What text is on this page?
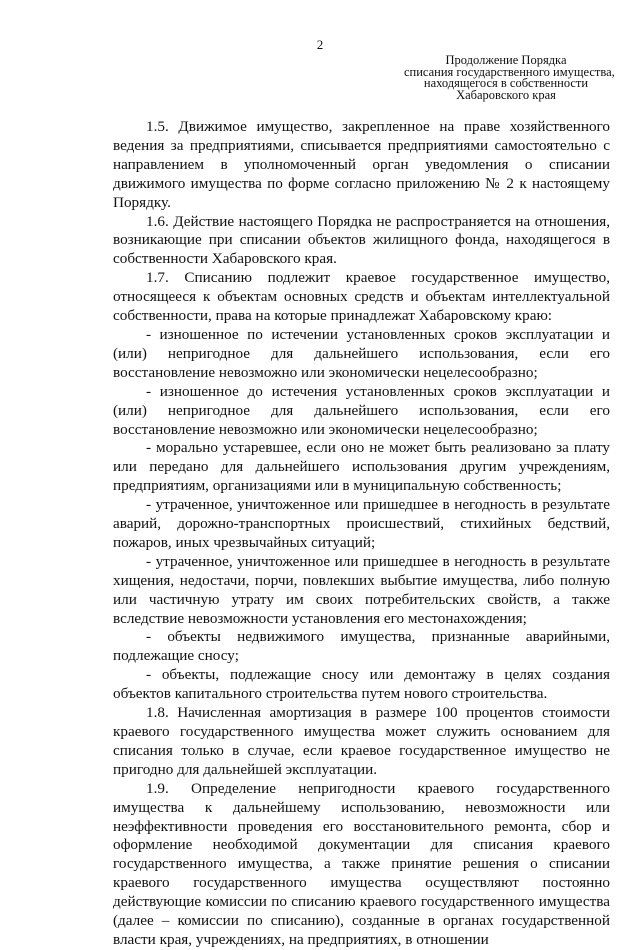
2
Продолжение Порядка
списания государственного имущества,
находящегося в собственности
Хабаровского края

1.5. Движимое имущество, закрепленное на праве хозяйственного ведения за предприятиями, списывается предприятиями самостоятельно с направлением в уполномоченный орган уведомления о списании движимого имущества по форме согласно приложению № 2 к настоящему Порядку.

1.6. Действие настоящего Порядка не распространяется на отношения, возникающие при списании объектов жилищного фонда, находящегося в собственности Хабаровского края.

1.7. Списанию подлежит краевое государственное имущество, относящееся к объектам основных средств и объектам интеллектуальной собственности, права на которые принадлежат Хабаровскому краю:

- изношенное по истечении установленных сроков эксплуатации и (или) непригодное для дальнейшего использования, если его восстановление невозможно или экономически нецелесообразно;

- изношенное до истечения установленных сроков эксплуатации и (или) непригодное для дальнейшего использования, если его восстановление невозможно или экономически нецелесообразно;

- морально устаревшее, если оно не может быть реализовано за плату или передано для дальнейшего использования другим учреждениям, предприятиям, организациями или в муниципальную собственность;

- утраченное, уничтоженное или пришедшее в негодность в результате аварий, дорожно-транспортных происшествий, стихийных бедствий, пожаров, иных чрезвычайных ситуаций;

- утраченное, уничтоженное или пришедшее в негодность в результате хищения, недостачи, порчи, повлекших выбытие имущества, либо полную или частичную утрату им своих потребительских свойств, а также вследствие невозможности установления его местонахождения;

- объекты недвижимого имущества, признанные аварийными, подлежащие сносу;

- объекты, подлежащие сносу или демонтажу в целях создания объектов капитального строительства путем нового строительства.

1.8. Начисленная амортизация в размере 100 процентов стоимости краевого государственного имущества может служить основанием для списания только в случае, если краевое государственное имущество не пригодно для дальнейшей эксплуатации.

1.9. Определение непригодности краевого государственного имущества к дальнейшему использованию, невозможности или неэффективности проведения его восстановительного ремонта, сбор и оформление необходимой документации для списания краевого государственного имущества, а также принятие решения о списании краевого государственного имущества осуществляют постоянно действующие комиссии по списанию краевого государственного имущества (далее – комиссии по списанию), созданные в органах государственной власти края, учреждениях, на предприятиях, в отношении
